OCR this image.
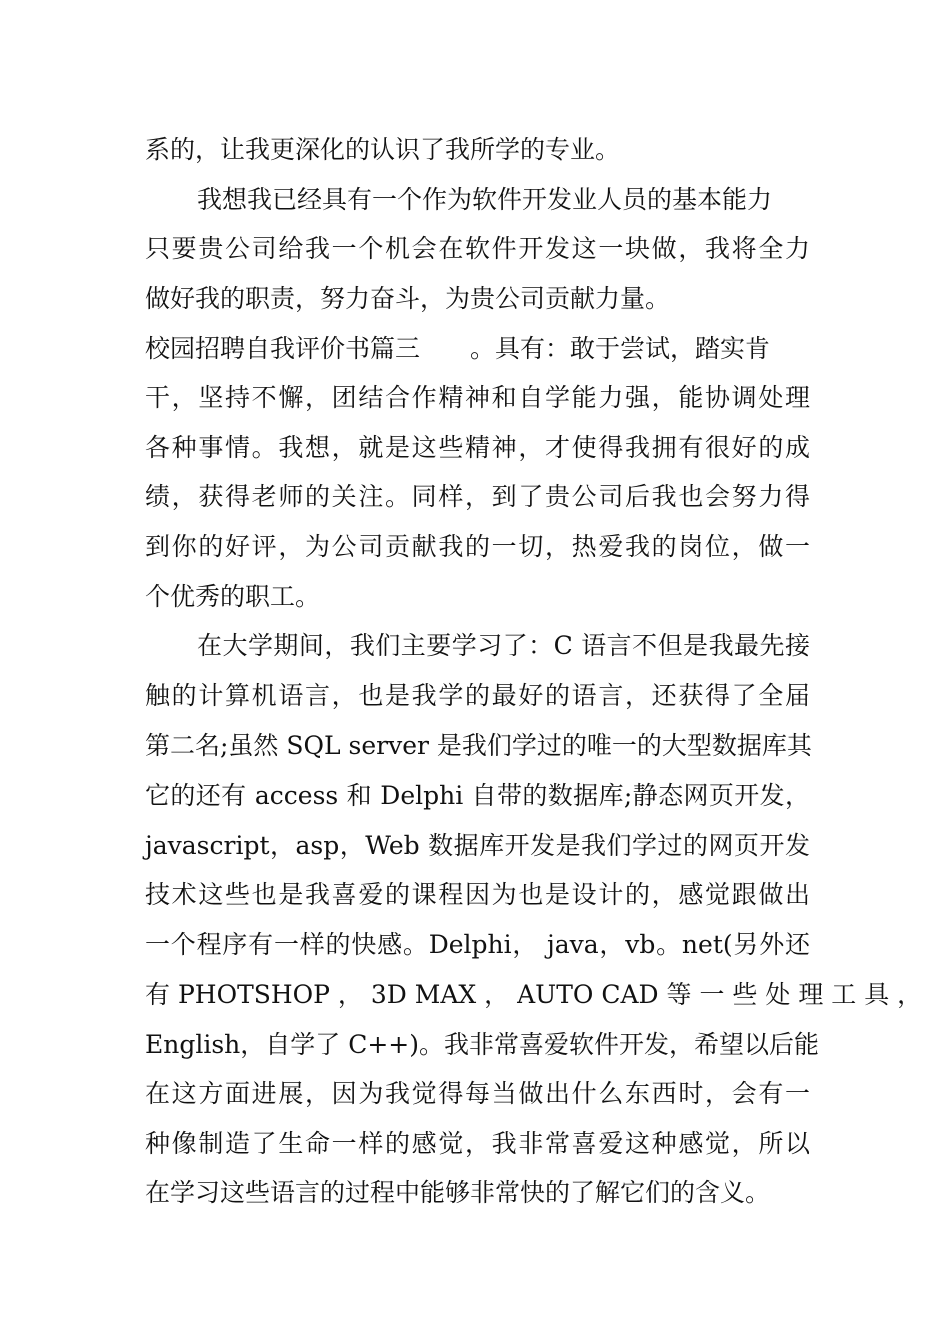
系的，让我更深化的认识了我所学的专业。
我想我已经具有一个作为软件开发业人员的基本能力
只要贵公司给我一个机会在软件开发这一块做，我将全力
做好我的职责，努力奋斗，为贵公司贡献力量。
校园招聘自我评价书篇三　　。具有：敢于尝试，踏实肯
干，坚持不懈，团结合作精神和自学能力强，能协调处理
各种事情。我想，就是这些精神，才使得我拥有很好的成
绩，获得老师的关注。同样，到了贵公司后我也会努力得
到你的好评，为公司贡献我的一切，热爱我的岗位，做一
个优秀的职工。
在大学期间，我们主要学习了：C 语言不但是我最先接
触的计算机语言，也是我学的最好的语言，还获得了全届
第二名;虽然 SQL server 是我们学过的唯一的大型数据库其
它的还有 access 和 Delphi 自带的数据库;静态网页开发，
javascript，asp，Web 数据库开发是我们学过的网页开发
技术这些也是我喜爱的课程因为也是设计的，感觉跟做出
一个程序有一样的快感。Delphi， java，vb。net(另外还
有 PHOTSHOP ， 3D MAX ， AUTO CAD 等 一 些 处 理 工 具 ，
English，自学了 C++)。我非常喜爱软件开发，希望以后能
在这方面进展，因为我觉得每当做出什么东西时，会有一
种像制造了生命一样的感觉，我非常喜爱这种感觉，所以
在学习这些语言的过程中能够非常快的了解它们的含义。
